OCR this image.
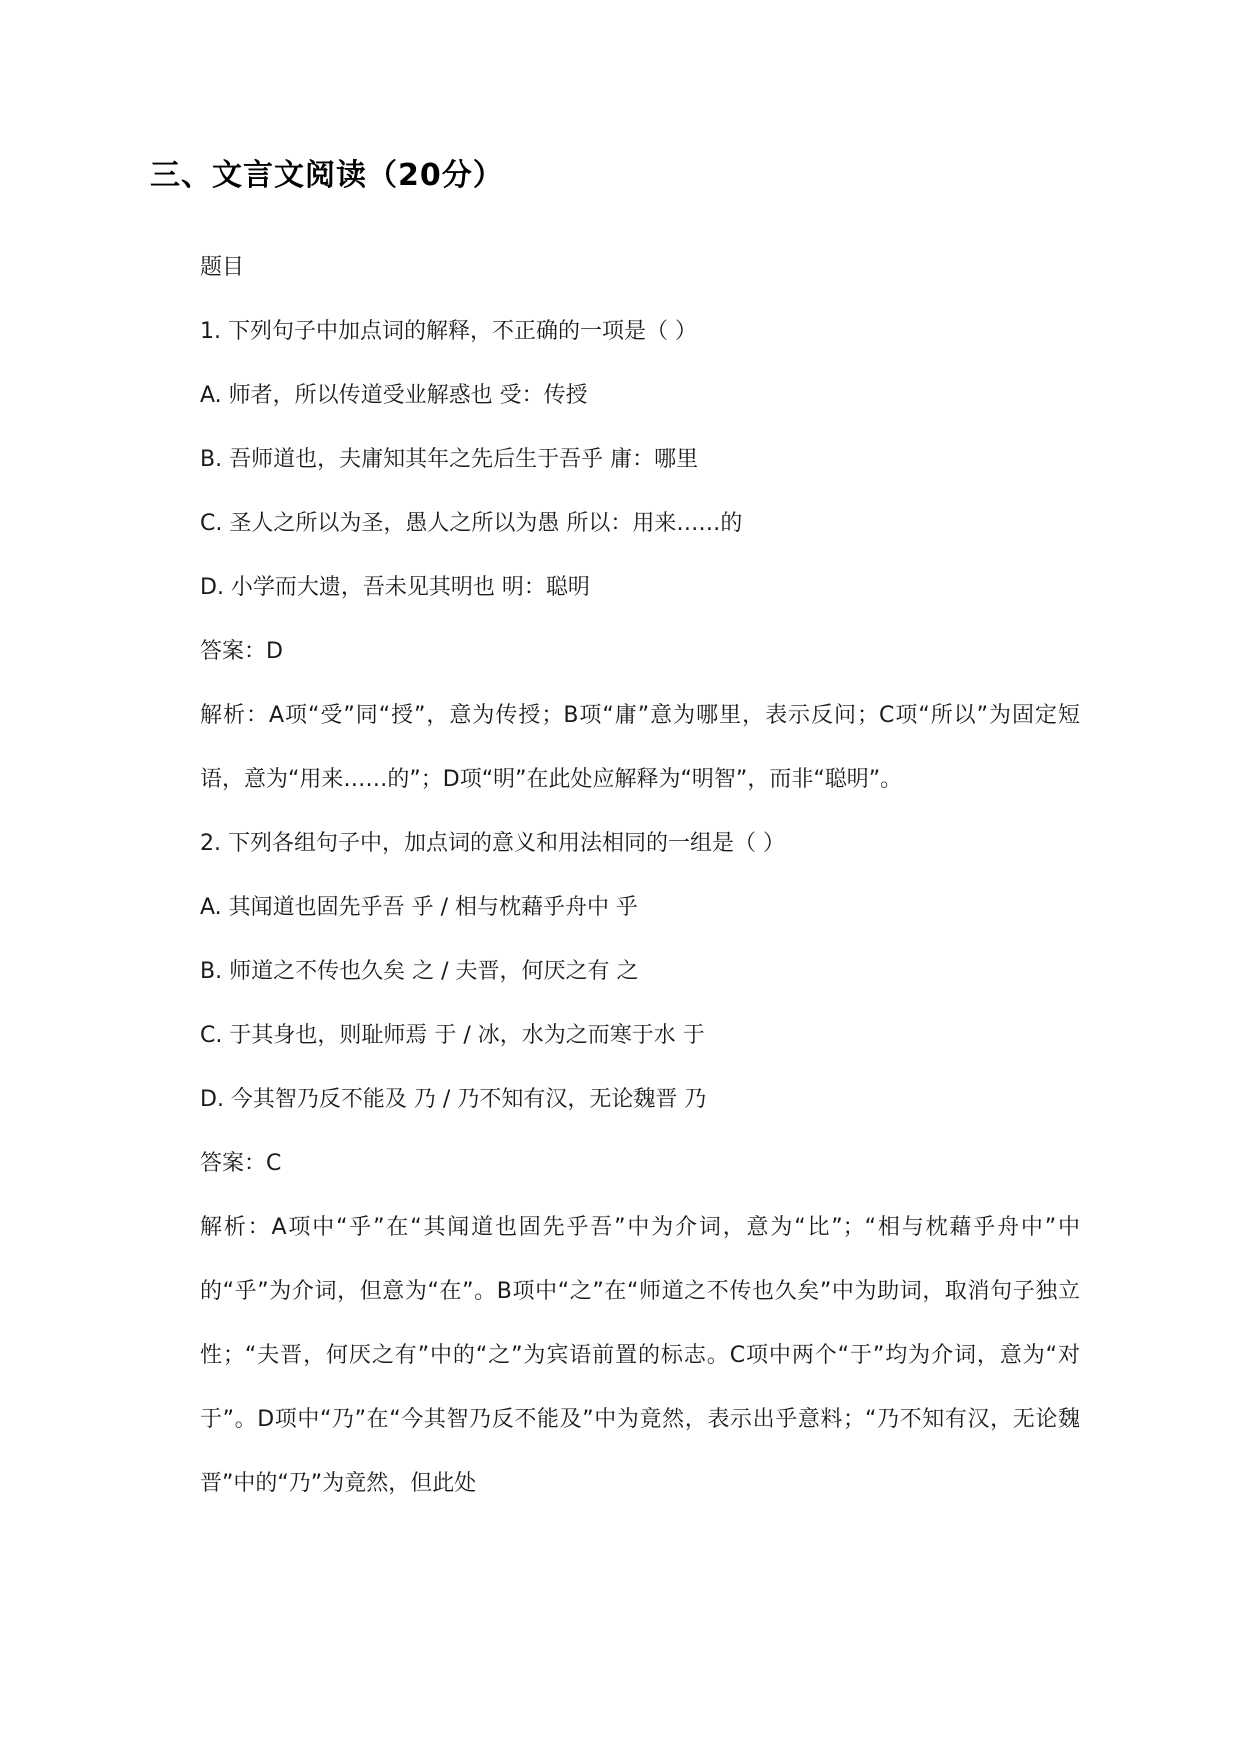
三、文言文阅读（20分）
题目
1. 下列句子中加点词的解释，不正确的一项是（ ）
A. 师者，所以传道受业解惑也 受：传授
B. 吾师道也，夫庸知其年之先后生于吾乎 庸：哪里
C. 圣人之所以为圣，愚人之所以为愚 所以：用来……的
D. 小学而大遗，吾未见其明也 明：聪明
答案：D
解析：A项“受”同“授”，意为传授；B项“庸”意为哪里，表示反问；C项“所以”为固定短语，意为“用来……的”；D项“明”在此处应解释为“明智”，而非“聪明”。
2. 下列各组句子中，加点词的意义和用法相同的一组是（ ）
A. 其闻道也固先乎吾 乎 / 相与枕藉乎舟中 乎
B. 师道之不传也久矣 之 / 夫晋，何厌之有 之
C. 于其身也，则耻师焉 于 / 冰，水为之而寒于水 于
D. 今其智乃反不能及 乃 / 乃不知有汉，无论魏晋 乃
答案：C
解析：A项中“乎”在“其闻道也固先乎吾”中为介词，意为“比”；“相与枕藉乎舟中”中的“乎”为介词，但意为“在”。B项中“之”在“师道之不传也久矣”中为助词，取消句子独立性；“夫晋，何厌之有”中的“之”为宾语前置的标志。C项中两个“于”均为介词，意为“对于”。D项中“乃”在“今其智乃反不能及”中为竟然，表示出乎意料；“乃不知有汉，无论魏晋”中的“乃”为竟然，但此处
